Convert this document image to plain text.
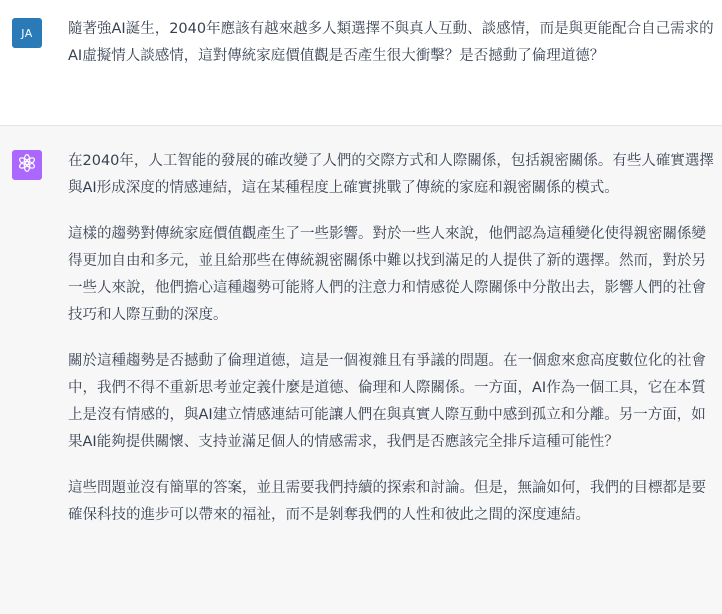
JA 隨著強AI誕生，2040年應該有越來越多人類選擇不與真人互動、談感情，而是與更能配合自己需求的AI虛擬情人談感情，這對傳統家庭價值觀是否產生很大衝擊？是否撼動了倫理道德？

在2040年，人工智能的發展的確改變了人們的交際方式和人際關係，包括親密關係。有些人確實選擇與AI形成深度的情感連結，這在某種程度上確實挑戰了傳統的家庭和親密關係的模式。

這樣的趨勢對傳統家庭價值觀產生了一些影響。對於一些人來說，他們認為這種變化使得親密關係變得更加自由和多元，並且給那些在傳統親密關係中難以找到滿足的人提供了新的選擇。然而，對於另一些人來說，他們擔心這種趨勢可能將人們的注意力和情感從人際關係中分散出去，影響人們的社會技巧和人際互動的深度。

關於這種趨勢是否撼動了倫理道德，這是一個複雜且有爭議的問題。在一個愈來愈高度數位化的社會中，我們不得不重新思考並定義什麼是道德、倫理和人際關係。一方面，AI作為一個工具，它在本質上是沒有情感的，與AI建立情感連結可能讓人們在與真實人際互動中感到孤立和分離。另一方面，如果AI能夠提供關懷、支持並滿足個人的情感需求，我們是否應該完全排斥這種可能性？

這些問題並沒有簡單的答案，並且需要我們持續的探索和討論。但是，無論如何，我們的目標都是要確保科技的進步可以帶來的福祉，而不是剝奪我們的人性和彼此之間的深度連結。
